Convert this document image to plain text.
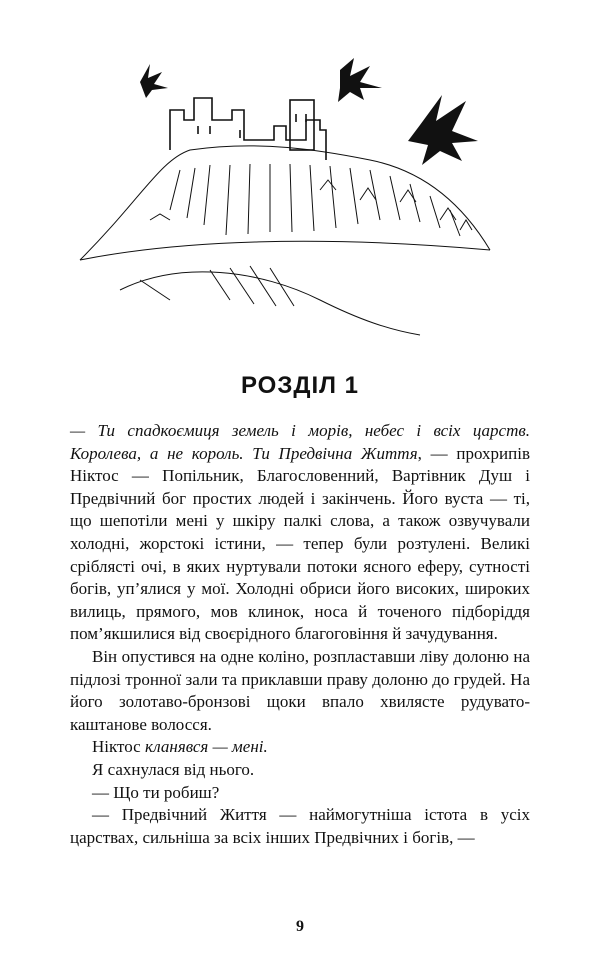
РОЗДІЛ 1

— Ти спадкоємиця земель і морів, небес і всіх царств. Королева, а не король. Ти Предвічна Життя, — прохрипів Ніктос — Попільник, Благословенний, Вартівник Душ і Предвічний бог простих людей і закінчень. Його вуста — ті, що шепотіли мені у шкіру палкі слова, а також озвучували холодні, жорстокі істини, — тепер були розтулені. Великі сріблясті очі, в яких нуртували потоки ясного еферу, сутності богів, уп’ялися у мої. Холодні обриси його високих, широких вилиць, прямого, мов клинок, носа й точеного підборіддя пом’якшилися від своєрідного благоговіння й зачудування.

Він опустився на одне коліно, розпластавши ліву долоню на підлозі тронної зали та приклавши праву долоню до грудей. На його золотаво-бронзові щоки впало хвилясте рудувато-каштанове волосся.

Ніктос кланявся — мені.

Я сахнулася від нього.

— Що ти робиш?

— Предвічний Життя — наймогутніша істота в усіх царствах, сильніша за всіх інших Предвічних і богів, —

9
